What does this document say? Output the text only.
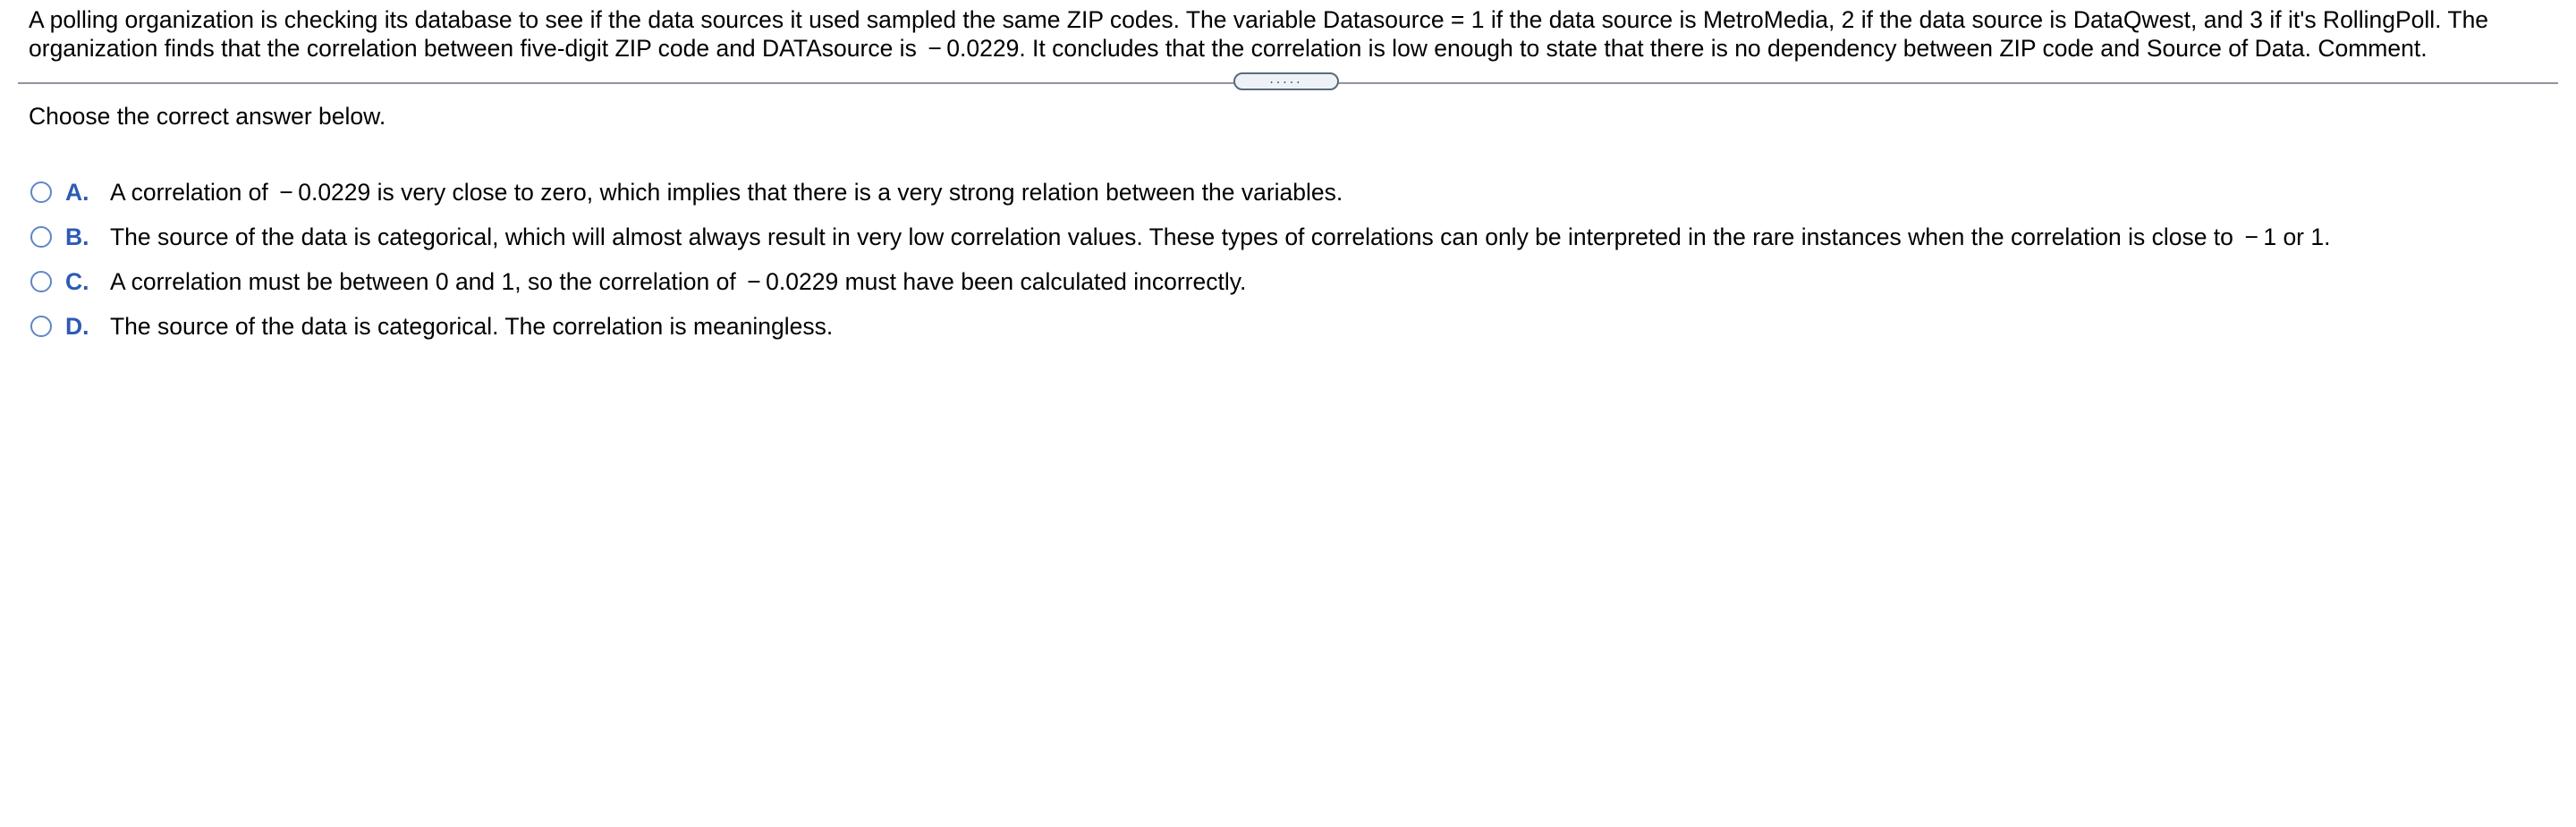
A polling organization is checking its database to see if the data sources it used sampled the same ZIP codes. The variable Datasource = 1 if the data source is MetroMedia, 2 if the data source is DataQwest, and 3 if it's RollingPoll. The organization finds that the correlation between five-digit ZIP code and DATAsource is  − 0.0229. It concludes that the correlation is low enough to state that there is no dependency between ZIP code and Source of Data. Comment.
.....
Choose the correct answer below.
A. A correlation of  − 0.0229 is very close to zero, which implies that there is a very strong relation between the variables.
B. The source of the data is categorical, which will almost always result in very low correlation values. These types of correlations can only be interpreted in the rare instances when the correlation is close to  − 1 or 1.
C. A correlation must be between 0 and 1, so the correlation of  − 0.0229 must have been calculated incorrectly.
D. The source of the data is categorical. The correlation is meaningless.
